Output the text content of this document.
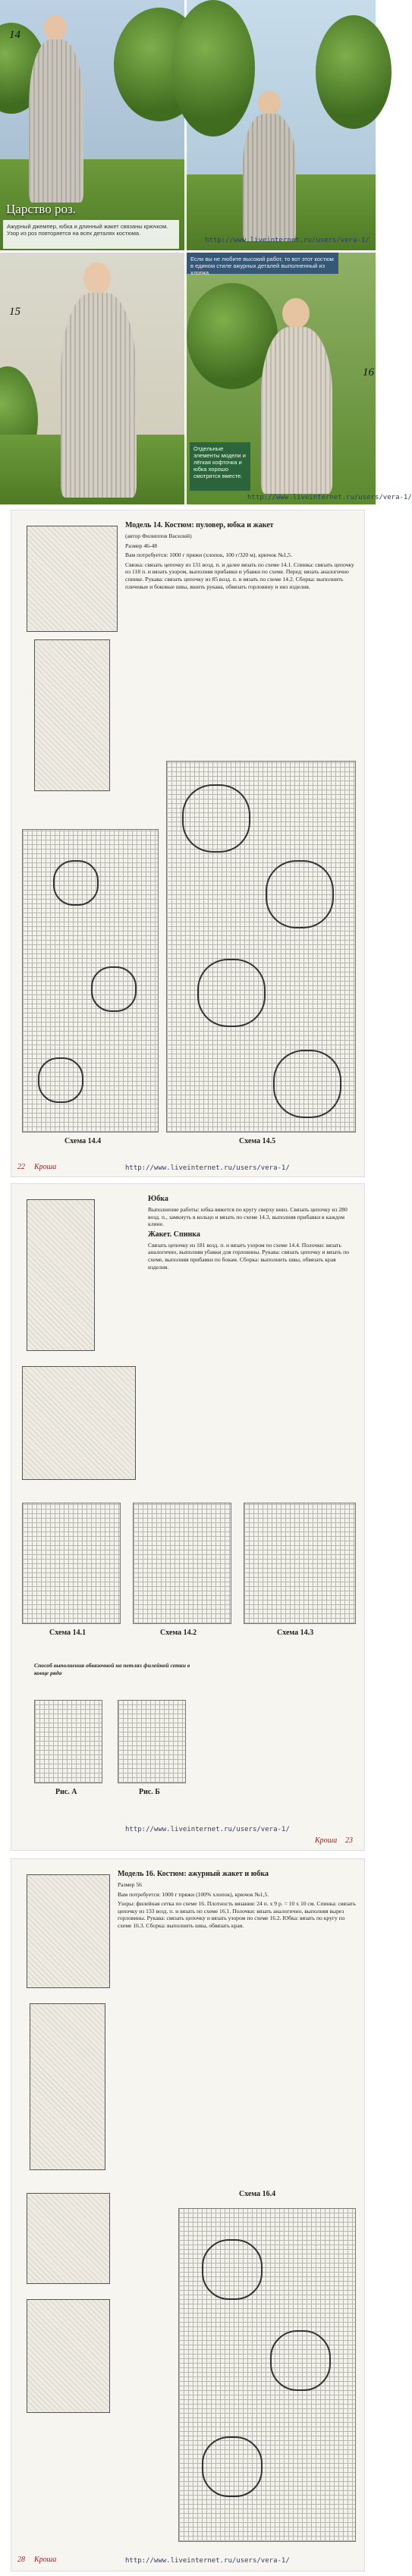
14
Царство роз.
Ажурный джемпер, юбка и длинный жакет связаны крючком. Узор из роз повторяется на всех деталях костюма.
http://www.liveinternet.ru/users/vera-1/
15
Если вы не любите высокий работ, то вот этот костюм в едином стиле ажурных деталей выполненный из хлопка.
16
Отдельные элементы модели и лёгкая кофточка и юбка хорошо смотрятся вместе.
http://www.liveinternet.ru/users/vera-1/

Модель 14. Костюм: пуловер, юбка и жакет

(автор Филиппов Василий)

Размер 46-48

Вам потребуется: 1000 г пряжи (хлопок, 100 г/320 м), крючок №1,5.

Связка: связать цепочку из 131 возд. п. и далее вязать по схеме 14.1. Спинка: связать цепочку из 118 п. и вязать узором, выполняя прибавки и убавки по схеме. Перед: вязать аналогично спинке. Рукава: связать цепочку из 85 возд. п. и вязать по схеме 14.2. Сборка: выполнить плечевые и боковые швы, вшить рукава, обвязать горловину и низ изделия.

Схема 14.4	Схема 14.5
22 Кроша	http://www.liveinternet.ru/users/vera-1/

Юбка

Выполнение работы: юбка вяжется по кругу сверху вниз. Связать цепочку из 280 возд. п., замкнуть в кольцо и вязать по схеме 14.3, выполняя прибавки в каждом клине.

Жакет. Спинка

Связать цепочку из 181 возд. п. и вязать узором по схеме 14.4. Полочки: вязать аналогично, выполняя убавки для горловины. Рукава: связать цепочку и вязать по схеме, выполняя прибавки по бокам. Сборка: выполнить швы, обвязать края изделия.

Схема 14.1	Схема 14.2	Схема 14.3

Способ выполнения обвязочной на петлях филейной сетки в конце ряда

Рис. А	Рис. Б
Кроша 23
http://www.liveinternet.ru/users/vera-1/

Модель 16. Костюм: ажурный жакет и юбка

Размер 56

Вам потребуется: 1000 г пряжи (100% хлопок), крючок №1,5.

Узоры: филейная сетка по схеме 16. Плотность вязания: 24 п. x 9 р. = 10 x 10 см. Спинка: связать цепочку из 133 возд. п. и вязать по схеме 16.1. Полочки: вязать аналогично, выполняя вырез горловины. Рукава: связать цепочку и вязать узором по схеме 16.2. Юбка: вязать по кругу по схеме 16.3. Сборка: выполнить швы, обвязать края.

Схема 16.4
28 Кроша	http://www.liveinternet.ru/users/vera-1/
